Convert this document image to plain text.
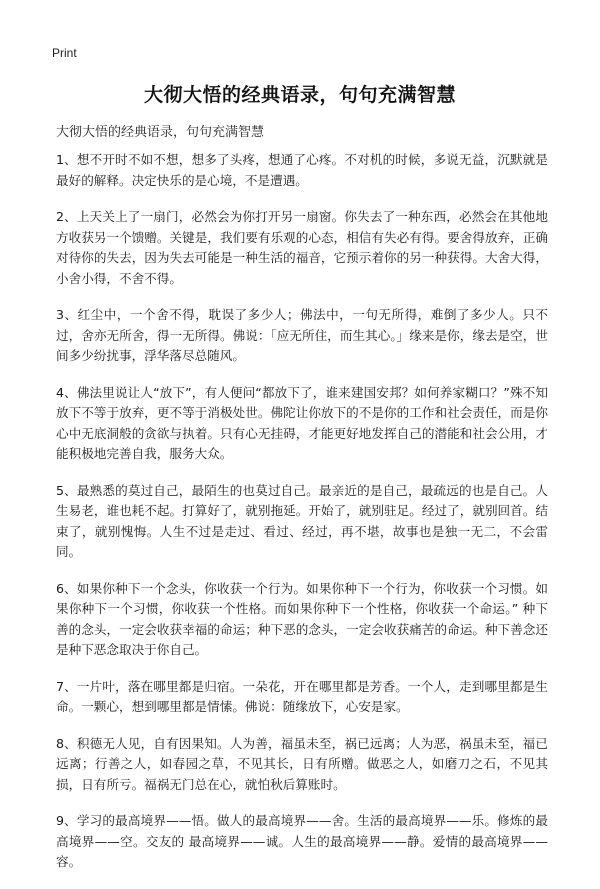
Print
大彻大悟的经典语录，句句充满智慧

大彻大悟的经典语录，句句充满智慧

1、想不开时不如不想，想多了头疼，想通了心疼。不对机的时候，多说无益，沉默就是最好的解释。决定快乐的是心境，不是遭遇。

2、上天关上了一扇门，必然会为你打开另一扇窗。你失去了一种东西，必然会在其他地方收获另一个馈赠。关键是，我们要有乐观的心态，相信有失必有得。要舍得放弃，正确对待你的失去，因为失去可能是一种生活的福音，它预示着你的另一种获得。大舍大得，小舍小得，不舍不得。

3、红尘中，一个舍不得，耽误了多少人；佛法中，一句无所得，难倒了多少人。只不过，舍亦无所舍，得一无所得。佛说：「应无所住，而生其心。」缘来是你，缘去是空，世间多少纷扰事，浮华落尽总随风。

4、佛法里说让人“放下”，有人便问“都放下了，谁来建国安邦？如何养家糊口？”殊不知放下不等于放弃，更不等于消极处世。佛陀让你放下的不是你的工作和社会责任，而是你心中无底洞般的贪欲与执着。只有心无挂碍，才能更好地发挥自己的潜能和社会公用，才能积极地完善自我，服务大众。

5、最熟悉的莫过自己，最陌生的也莫过自己。最亲近的是自己，最疏远的也是自己。人生易老，谁也耗不起。打算好了，就别拖延。开始了，就别驻足。经过了，就别回首。结束了，就别愧悔。人生不过是走过、看过、经过，再不堪，故事也是独一无二，不会雷同。

6、如果你种下一个念头，你收获一个行为。如果你种下一个行为，你收获一个习惯。如果你种下一个习惯，你收获一个性格。而如果你种下一个性格，你收获一个命运。” 种下善的念头，一定会收获幸福的命运；种下恶的念头，一定会收获痛苦的命运。种下善念还是种下恶念取决于你自己。

7、一片叶，落在哪里都是归宿。一朵花，开在哪里都是芳香。一个人，走到哪里都是生命。一颗心，想到哪里都是情愫。佛说：随缘放下，心安是家。

8、积德无人见，自有因果知。人为善，福虽未至，祸已远离；人为恶，祸虽未至，福已远离；行善之人，如春园之草，不见其长，日有所赠。做恶之人，如磨刀之石，不见其损，日有所亏。福祸无门总在心，就怕秋后算账时。

9、学习的最高境界——悟。做人的最高境界——舍。生活的最高境界——乐。修炼的最高境界——空。交友的 最高境界——诚。人生的最高境界——静。爱情的最高境界——容。
